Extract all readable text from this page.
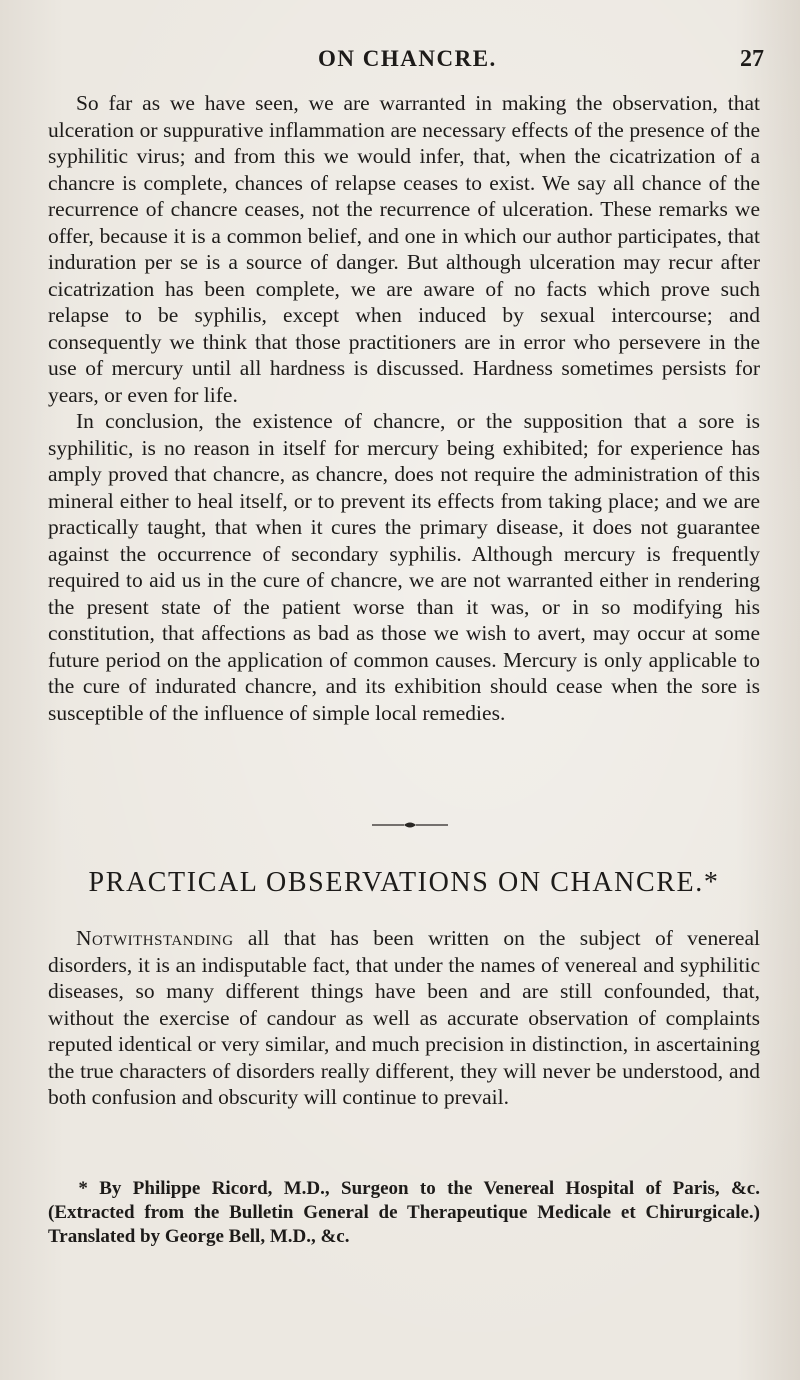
ON CHANCRE.	27

So far as we have seen, we are warranted in making the observation, that ulceration or suppurative inflammation are necessary effects of the presence of the syphilitic virus; and from this we would infer, that, when the cicatrization of a chancre is complete, chances of relapse ceases to exist. We say all chance of the recurrence of chancre ceases, not the recurrence of ulceration. These remarks we offer, because it is a common belief, and one in which our author participates, that induration per se is a source of danger. But although ulceration may recur after cicatrization has been complete, we are aware of no facts which prove such relapse to be syphilis, except when induced by sexual intercourse; and consequently we think that those practitioners are in error who persevere in the use of mercury until all hardness is discussed. Hardness sometimes persists for years, or even for life.

In conclusion, the existence of chancre, or the supposition that a sore is syphilitic, is no reason in itself for mercury being exhibited; for experience has amply proved that chancre, as chancre, does not require the administration of this mineral either to heal itself, or to prevent its effects from taking place; and we are practically taught, that when it cures the primary disease, it does not guarantee against the occurrence of secondary syphilis. Although mercury is frequently required to aid us in the cure of chancre, we are not warranted either in rendering the present state of the patient worse than it was, or in so modifying his constitution, that affections as bad as those we wish to avert, may occur at some future period on the application of common causes. Mercury is only applicable to the cure of indurated chancre, and its exhibition should cease when the sore is susceptible of the influence of simple local remedies.

PRACTICAL OBSERVATIONS ON CHANCRE.*

Notwithstanding all that has been written on the subject of venereal disorders, it is an indisputable fact, that under the names of venereal and syphilitic diseases, so many different things have been and are still confounded, that, without the exercise of candour as well as accurate observation of complaints reputed identical or very similar, and much precision in distinction, in ascertaining the true characters of disorders really different, they will never be understood, and both confusion and obscurity will continue to prevail.

* By Philippe Ricord, M.D., Surgeon to the Venereal Hospital of Paris, &c. (Extracted from the Bulletin General de Therapeutique Medicale et Chirurgicale.) Translated by George Bell, M.D., &c.
